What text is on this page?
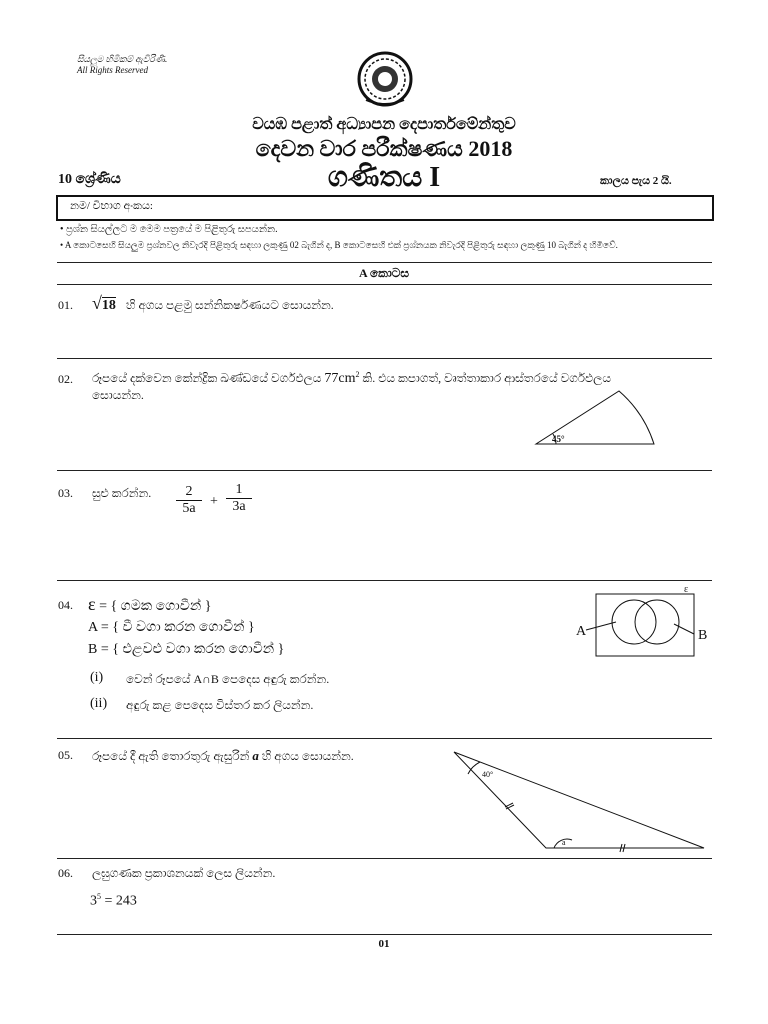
සියලුම හිමිකම් ඇවිරිණි.
All Rights Reserved
වයඹ පළාත් අධ්‍යාපන දෙපාර්තමේන්තුව
දෙවන වාර පරීක්ෂණය 2018
10 ශ්‍රේණිය	ගණිතය I	කාලය පැය 2 යි.
නම/ විභාග අංකය:
• ප්‍රශ්න සියල්ලට ම මෙම පත්‍රයේ ම පිළිතුරු සපයන්න.
• A කොටසෙහි සියලුම ප්‍රශ්නවල නිවැරදි පිළිතුරු සඳහා ලකුණු 02 බැගින් ද, B කොටසෙහි එක් ප්‍රශ්නයක නිවැරදි පිළිතුරු සඳහා ලකුණු 10 බැගින් ද හිමිවේ.
A කොටස
01. √18 හි අගය පළමු සන්නිකර්ෂණයට සොයන්න.
02. රූපයේ දක්වෙන කේන්ද්‍රික ඛණ්ඩයේ වර්ගඵලය $77cm^2$ කි. එය කපාගත්, වෘත්තාකාර ආස්තරයේ වර්ගඵලය
සොයන්න.
45°
03. සුළු කරන්න. $\frac{2}{5a} + \frac{1}{3a}$
04. ε = { ගමක ගොවීන් }
A = { වී වගා කරන ගොවීන් }
B = { එළවළු වගා කරන ගොවීන් }
(i) වෙන් රූපයේ A∩B පෙදෙස අඳුරු කරන්න.
(ii) අඳුරු කළ පෙදෙස විස්තර කර ලියන්න.
A	B
ε
05. රූපයේ දී ඇති තොරතුරු ඇසුරින් a හි අගය සොයන්න.
40°
a
06. ලඝුගණක ප්‍රකාශනයක් ලෙස ලියන්න.
$3^5 = 243$
01
